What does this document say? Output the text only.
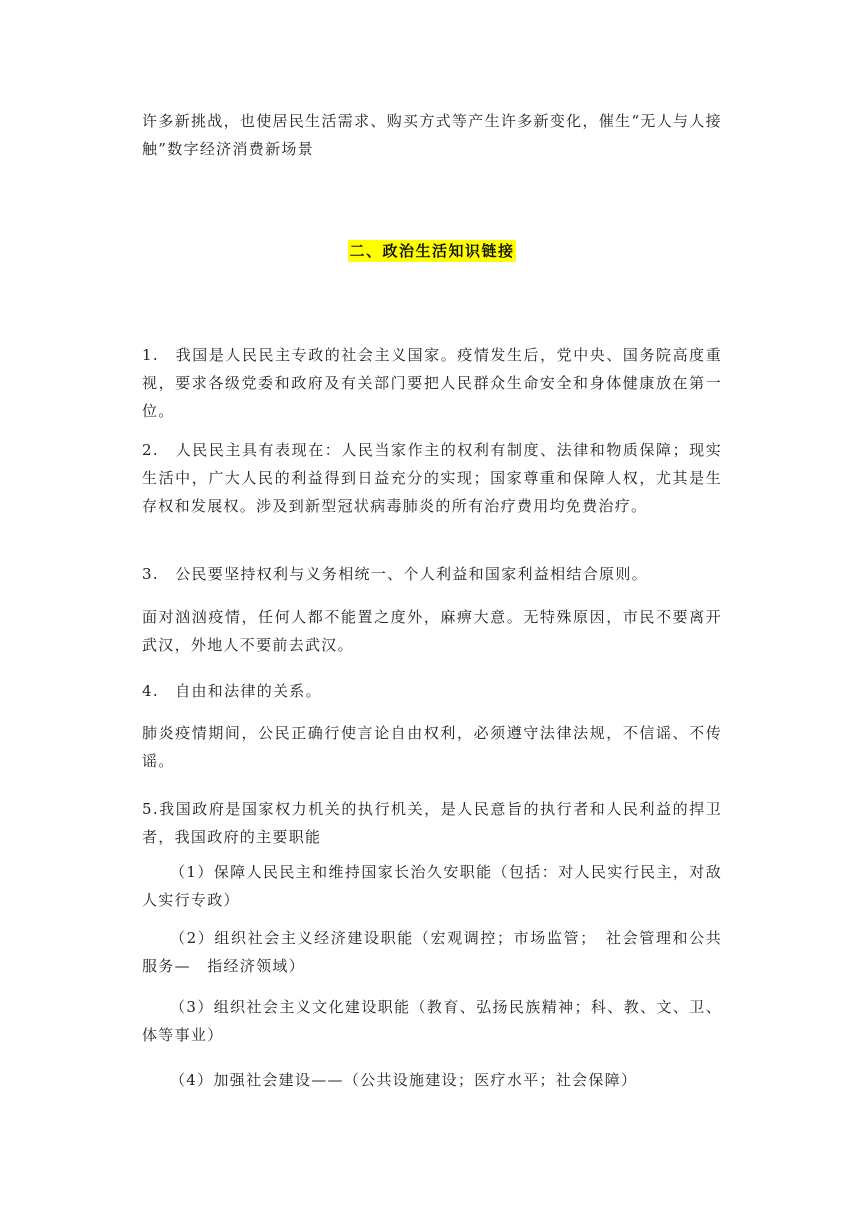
许多新挑战，也使居民生活需求、购买方式等产生许多新变化，催生“无人与人接触”数字经济消费新场景

二、政治生活知识链接

1.　我国是人民民主专政的社会主义国家。疫情发生后，党中央、国务院高度重视，要求各级党委和政府及有关部门要把人民群众生命安全和身体健康放在第一位。

2.　人民民主具有表现在：人民当家作主的权利有制度、法律和物质保障；现实生活中，广大人民的利益得到日益充分的实现；国家尊重和保障人权，尤其是生存权和发展权。涉及到新型冠状病毒肺炎的所有治疗费用均免费治疗。

3.　公民要坚持权利与义务相统一、个人利益和国家利益相结合原则。

面对汹汹疫情，任何人都不能置之度外，麻痹大意。无特殊原因，市民不要离开武汉，外地人不要前去武汉。

4.　自由和法律的关系。

肺炎疫情期间，公民正确行使言论自由权利，必须遵守法律法规，不信谣、不传谣。

5.我国政府是国家权力机关的执行机关，是人民意旨的执行者和人民利益的捍卫者，我国政府的主要职能

（1）保障人民民主和维持国家长治久安职能（包括：对人民实行民主，对敌人实行专政）

（2）组织社会主义经济建设职能（宏观调控；市场监管；　社会管理和公共服务—　指经济领域）

（3）组织社会主义文化建设职能（教育、弘扬民族精神；科、教、文、卫、体等事业）

（4）加强社会建设——（公共设施建设；医疗水平；社会保障）
